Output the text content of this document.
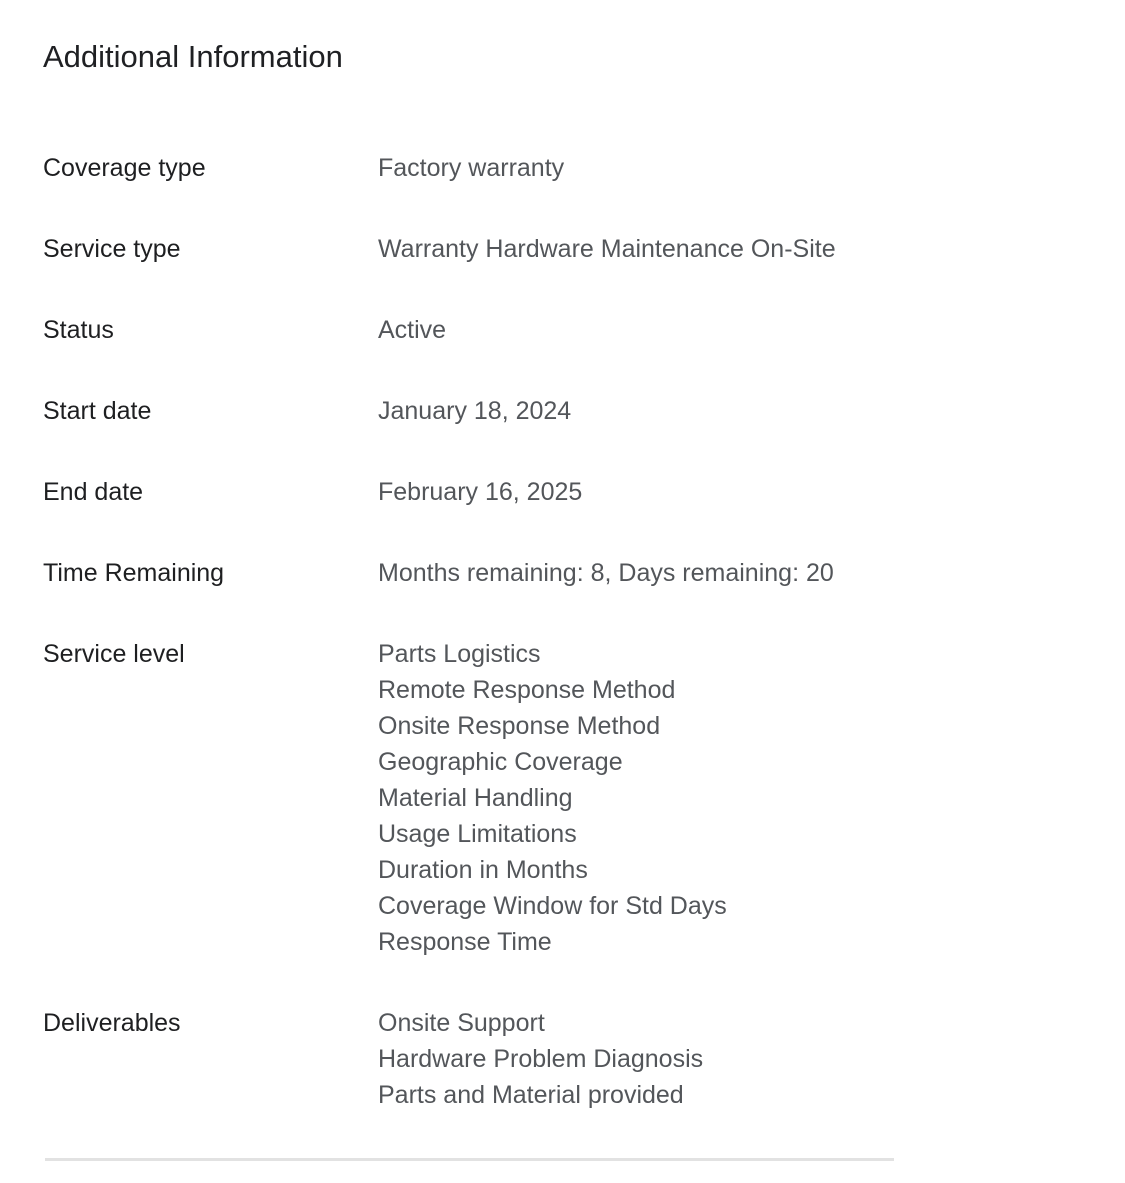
Additional Information
Coverage type	Factory warranty
Service type	Warranty Hardware Maintenance On-Site
Status	Active
Start date	January 18, 2024
End date	February 16, 2025
Time Remaining	Months remaining: 8, Days remaining: 20
Service level	Parts Logistics
Remote Response Method
Onsite Response Method
Geographic Coverage
Material Handling
Usage Limitations
Duration in Months
Coverage Window for Std Days
Response Time
Deliverables	Onsite Support
Hardware Problem Diagnosis
Parts and Material provided
